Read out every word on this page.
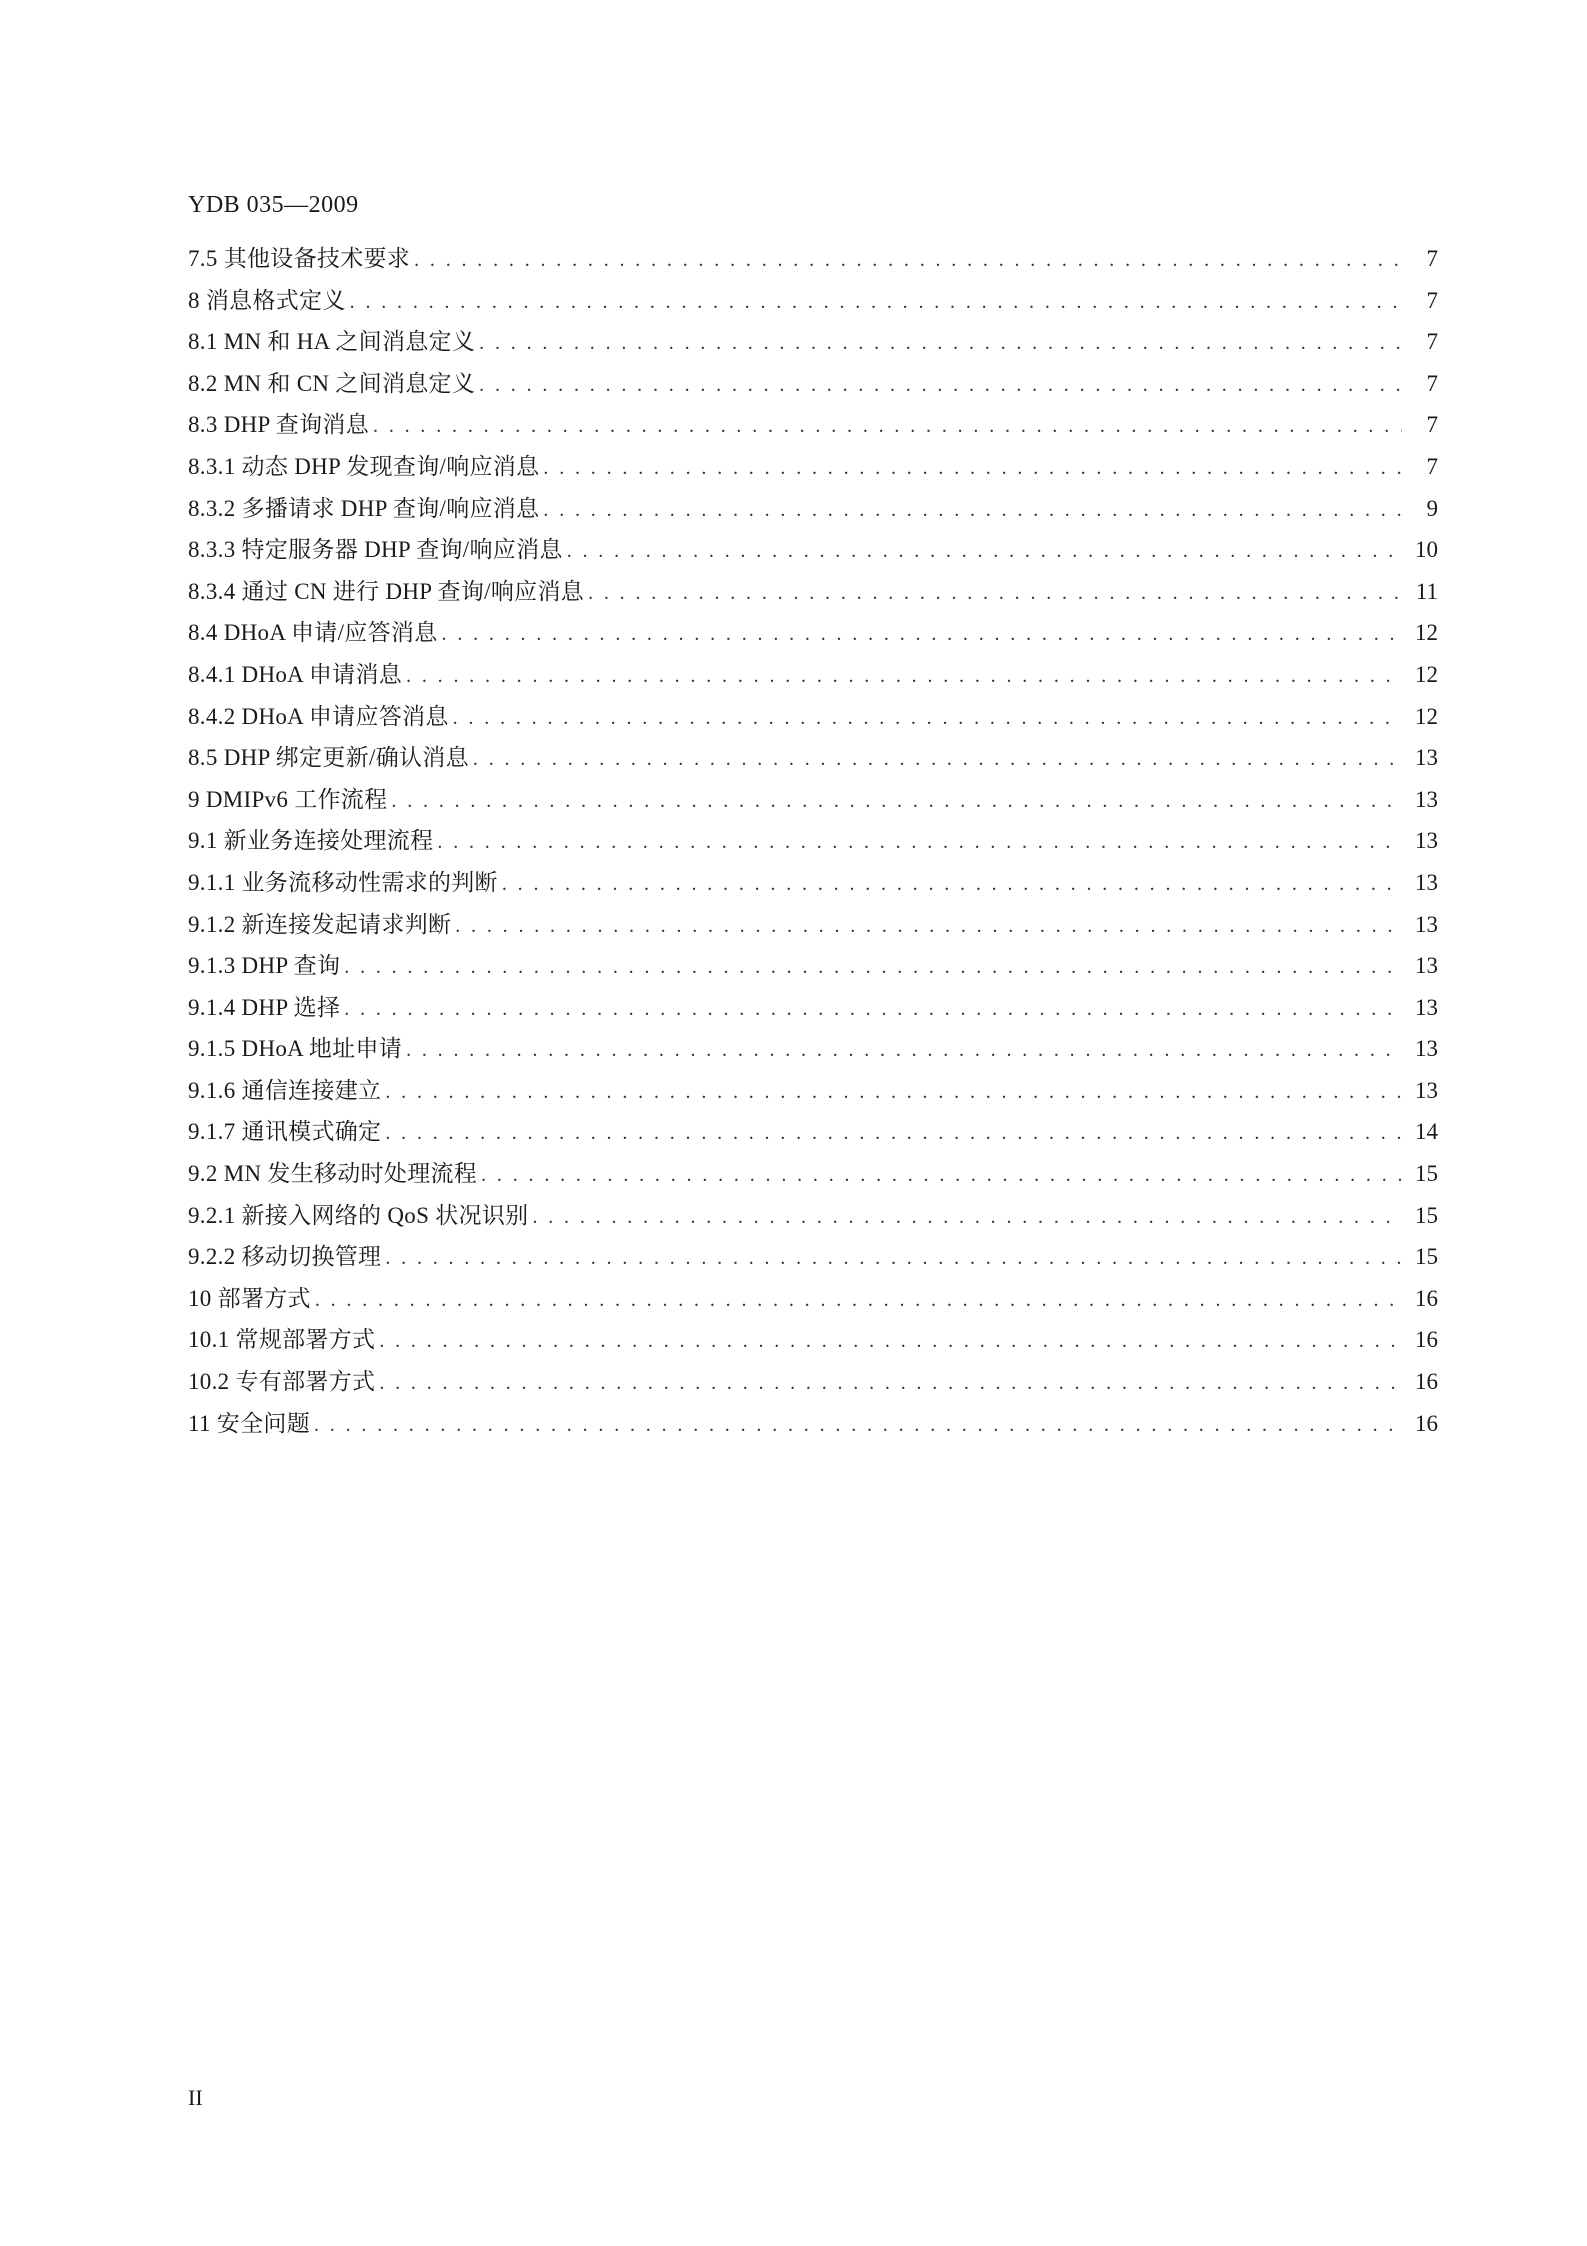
YDB 035—2009
7.5 其他设备技术要求 . . .	7
8 消息格式定义 . . .	7
8.1 MN 和 HA 之间消息定义 . . .	7
8.2 MN 和 CN 之间消息定义 . . .	7
8.3 DHP 查询消息 . . .	7
8.3.1 动态 DHP 发现查询/响应消息 . . .	7
8.3.2 多播请求 DHP 查询/响应消息 . . .	9
8.3.3 特定服务器 DHP 查询/响应消息 . . .	10
8.3.4 通过 CN 进行 DHP 查询/响应消息 . . .	11
8.4 DHoA 申请/应答消息 . . .	12
8.4.1 DHoA 申请消息 . . .	12
8.4.2 DHoA 申请应答消息 . . .	12
8.5 DHP 绑定更新/确认消息 . . .	13
9 DMIPv6 工作流程 . . .	13
9.1 新业务连接处理流程 . . .	13
9.1.1 业务流移动性需求的判断 . . .	13
9.1.2 新连接发起请求判断 . . .	13
9.1.3 DHP 查询 . . .	13
9.1.4 DHP 选择 . . .	13
9.1.5 DHoA 地址申请 . . .	13
9.1.6 通信连接建立 . . .	13
9.1.7 通讯模式确定 . . .	14
9.2 MN 发生移动时处理流程 . . .	15
9.2.1 新接入网络的 QoS 状况识别 . . .	15
9.2.2 移动切换管理 . . .	15
10 部署方式 . . .	16
10.1 常规部署方式 . . .	16
10.2 专有部署方式 . . .	16
11 安全问题 . . .	16
II
